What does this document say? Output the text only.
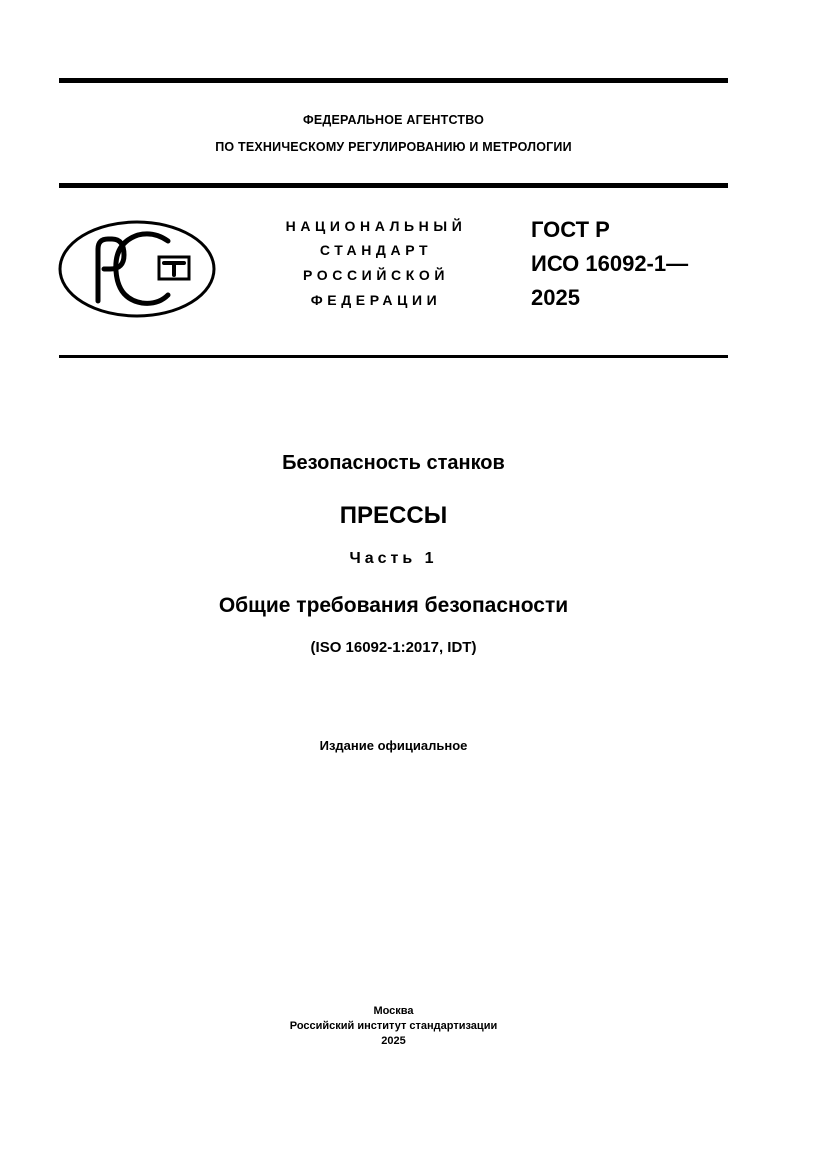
ФЕДЕРАЛЬНОЕ АГЕНТСТВО
ПО ТЕХНИЧЕСКОМУ РЕГУЛИРОВАНИЮ И МЕТРОЛОГИИ
НАЦИОНАЛЬНЫЙ
СТАНДАРТ
РОССИЙСКОЙ
ФЕДЕРАЦИИ
ГОСТ Р
ИСО 16092-1—
2025
Безопасность станков
ПРЕССЫ
Часть 1
Общие требования безопасности
(ISO 16092-1:2017, IDT)
Издание официальное
Москва
Российский институт стандартизации
2025
